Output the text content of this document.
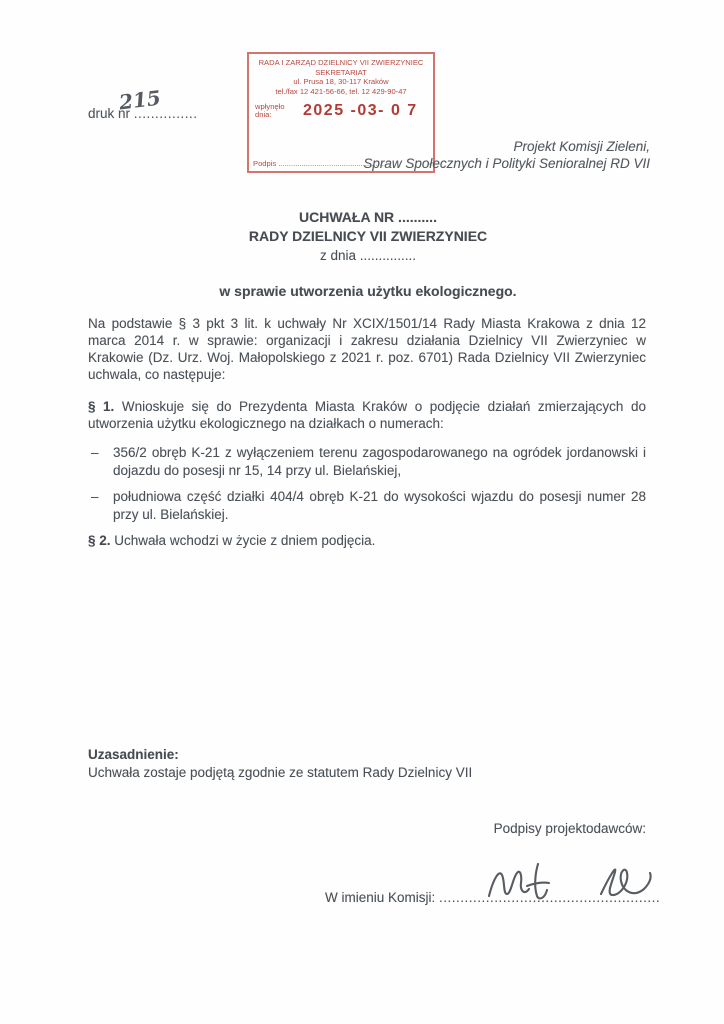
druk nr ...............
215
RADA I ZARZĄD DZIELNICY VII ZWIERZYNIEC
SEKRETARIAT
ul. Prusa 18, 30-117 Kraków
tel./fax 12 421-56-66, tel. 12 429-90-47
wpłynęło dnia:	2025 -03- 0 7
Podpis ..................................................
Projekt Komisji Zieleni,
Spraw Społecznych i Polityki Senioralnej RD VII
UCHWAŁA NR ..........
RADY DZIELNICY VII ZWIERZYNIEC
z dnia ...............
w sprawie utworzenia użytku ekologicznego.
Na podstawie § 3 pkt 3 lit. k uchwały Nr XCIX/1501/14 Rady Miasta Krakowa z dnia 12 marca 2014 r. w sprawie: organizacji i zakresu działania Dzielnicy VII Zwierzyniec w Krakowie (Dz. Urz. Woj. Małopolskiego z 2021 r. poz. 6701) Rada Dzielnicy VII Zwierzyniec uchwala, co następuje:
§ 1. Wnioskuje się do Prezydenta Miasta Kraków o podjęcie działań zmierzających do utworzenia użytku ekologicznego na działkach o numerach:
– 356/2 obręb K-21 z wyłączeniem terenu zagospodarowanego na ogródek jordanowski i dojazdu do posesji nr 15, 14 przy ul. Bielańskiej,
– południowa część działki 404/4 obręb K-21 do wysokości wjazdu do posesji numer 28 przy ul. Bielańskiej.
§ 2. Uchwała wchodzi w życie z dniem podjęcia.
Uzasadnienie:
Uchwała zostaje podjętą zgodnie ze statutem Rady Dzielnicy VII
Podpisy projektodawców:
W imieniu Komisji: ....................................................
